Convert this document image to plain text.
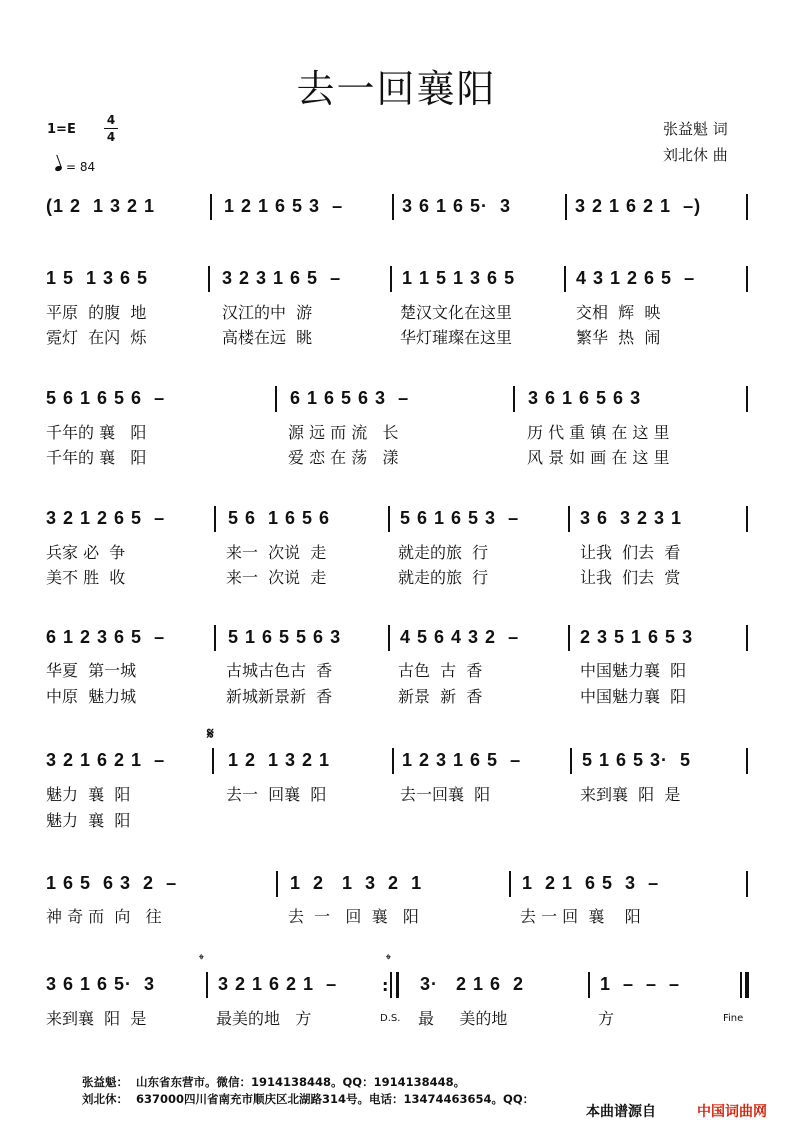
去一回襄阳
1=E
4
4
= 84
张益魁 词
刘北休 曲
(1 2  1 3 2 1	1 2 1 6 5 3  –	3 6 1 6 5·  3	3 2 1 6 2 1  –)
1 5  1 3 6 5	3 2 3 1 6 5  –	1 1 5 1 3 6 5	4 3 1 2 6 5  –
平原  的腹  地	汉江的中  游	楚汉文化在这里	交相  辉  映
霓灯  在闪  烁	高楼在远  眺	华灯璀璨在这里	繁华  热  闹
5 6 1 6 5 6  –	6 1 6 5 6 3  –	3 6 1 6 5 6 3
千年的 襄   阳	源 远 而 流   长	历 代 重 镇 在 这 里
千年的 襄   阳	爱 恋 在 荡   漾	风 景 如 画 在 这 里
3 2 1 2 6 5  –	5 6  1 6 5 6	5 6 1 6 5 3  –	3 6  3 2 3 1
兵家 必  争	来一  次说  走	就走的旅  行	让我  们去  看
美不 胜  收	来一  次说  走	就走的旅  行	让我  们去  赏
6 1 2 3 6 5  –	5 1 6 5 5 6 3	4 5 6 4 3 2  –	2 3 5 1 6 5 3
华夏  第一城	古城古色古  香	古色  古  香	中国魅力襄  阳
中原  魅力城	新城新景新  香	新景  新  香	中国魅力襄  阳
𝄋
3 2 1 6 2 1  –	1 2  1 3 2 1	1 2 3 1 6 5  –	5 1 6 5 3·  5
魅力  襄  阳	去一  回襄  阳	去一回襄  阳	来到襄  阳  是
魅力  襄  阳
1 6 5  6 3  2  –	1  2   1  3  2  1	1  2 1  6 5  3  –
神 奇 而  向   往	去  一   回  襄   阳	去 一 回  襄    阳
𝄌	𝄌
3 6 1 6 5·  3	3 2 1 6 2 1  –	: 3·   2 1 6  2	1  –  –  –
来到襄  阳  是	最美的地   方	D.S. 最     美的地	方	Fine
张益魁：  山东省东营市。微信：1914138448。QQ：1914138448。
刘北休：  637000四川省南充市顺庆区北湖路314号。电话：13474463654。QQ：
本曲谱源自	中国词曲网
